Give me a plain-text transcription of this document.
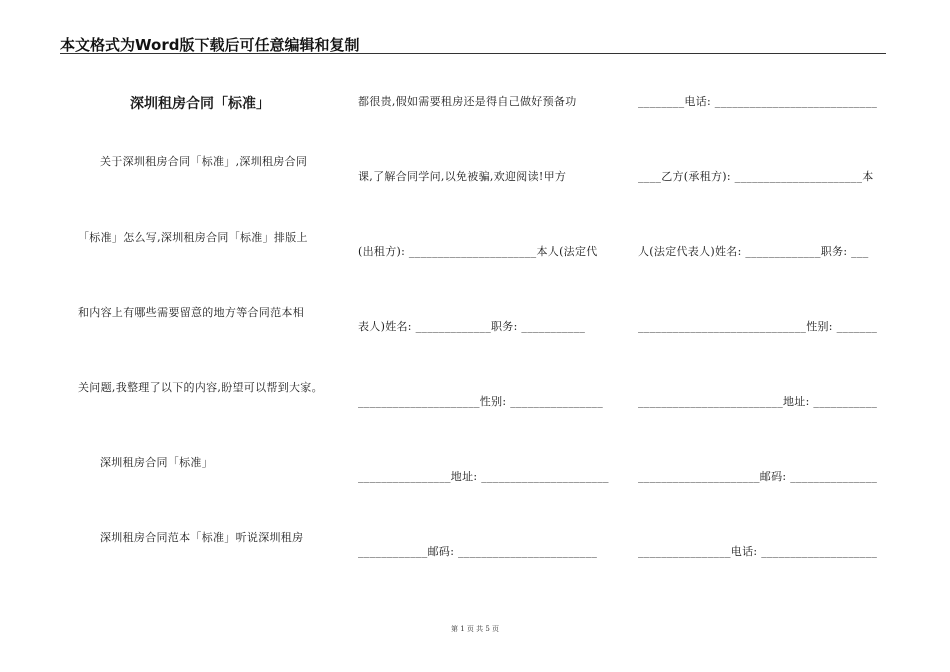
本文格式为Word版下载后可任意编辑和复制
深圳租房合同「标准」
关于深圳租房合同「标准」,深圳租房合同
「标准」怎么写,深圳租房合同「标准」排版上
和内容上有哪些需要留意的地方等合同范本相
关问题,我整理了以下的内容,盼望可以帮到大家。
深圳租房合同「标准」
深圳租房合同范本「标准」听说深圳租房
都很贵,假如需要租房还是得自己做好预备功
课,了解合同学问,以免被骗,欢迎阅读!甲方
(出租方): ______________________本人(法定代
表人)姓名: _____________职务: ___________
_____________________性别: ________________
________________地址: ______________________
____________邮码: ________________________
________电话: ____________________________
____乙方(承租方): ______________________本
人(法定代表人)姓名: _____________职务: ___
_____________________________性别: _______
_________________________地址: ___________
_____________________邮码: _______________
________________电话: ____________________
第 1 页 共 5 页
